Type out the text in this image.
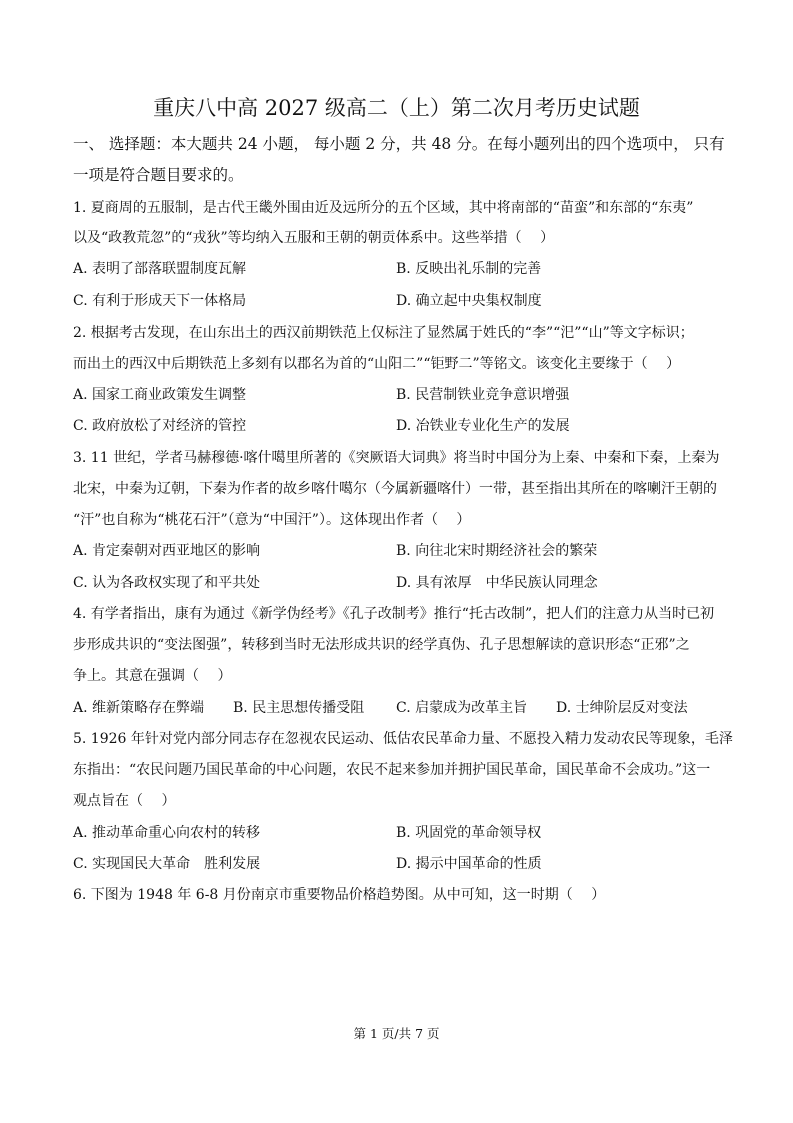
重庆八中高 2027 级高二（上）第二次月考历史试题
一、 选择题：本大题共 24 小题， 每小题 2 分，共 48 分。在每小题列出的四个选项中， 只有
一项是符合题目要求的。
1. 夏商周的五服制，是古代王畿外围由近及远所分的五个区域，其中将南部的“苗蛮”和东部的“东夷”
以及“政教荒忽”的“戎狄”等均纳入五服和王朝的朝贡体系中。这些举措（　 ）
A. 表明了部落联盟制度瓦解	B. 反映出礼乐制的完善
C. 有利于形成天下一体格局	D. 确立起中央集权制度
2. 根据考古发现，在山东出土的西汉前期铁范上仅标注了显然属于姓氏的“李”“汜”“山”等文字标识；
而出土的西汉中后期铁范上多刻有以郡名为首的“山阳二”“钜野二”等铭文。该变化主要缘于（　 ）
A. 国家工商业政策发生调整	B. 民营制铁业竞争意识增强
C. 政府放松了对经济的管控	D. 冶铁业专业化生产的发展
3. 11 世纪，学者马赫穆德·喀什噶里所著的《突厥语大词典》将当时中国分为上秦、中秦和下秦，上秦为
北宋，中秦为辽朝，下秦为作者的故乡喀什噶尔（今属新疆喀什）一带，甚至指出其所在的喀喇汗王朝的
“汗”也自称为“桃花石汗”（意为“中国汗”）。这体现出作者（　 ）
A. 肯定秦朝对西亚地区的影响	B. 向往北宋时期经济社会的繁荣
C. 认为各政权实现了和平共处	D. 具有浓厚　中华民族认同理念
4. 有学者指出，康有为通过《新学伪经考》《孔子改制考》推行“托古改制”，把人们的注意力从当时已初
步形成共识的“变法图强”，转移到当时无法形成共识的经学真伪、孔子思想解读的意识形态“正邪”之
争上。其意在强调（　 ）
A. 维新策略存在弊端 B. 民主思想传播受阻 C. 启蒙成为改革主旨 D. 士绅阶层反对变法
5. 1926 年针对党内部分同志存在忽视农民运动、低估农民革命力量、不愿投入精力发动农民等现象，毛泽
东指出：“农民问题乃国民革命的中心问题，农民不起来参加并拥护国民革命，国民革命不会成功。”这一
观点旨在（　 ）
A. 推动革命重心向农村的转移	B. 巩固党的革命领导权
C. 实现国民大革命　胜利发展	D. 揭示中国革命的性质
6. 下图为 1948 年 6-8 月份南京市重要物品价格趋势图。从中可知，这一时期（　 ）
第 1 页/共 7 页
